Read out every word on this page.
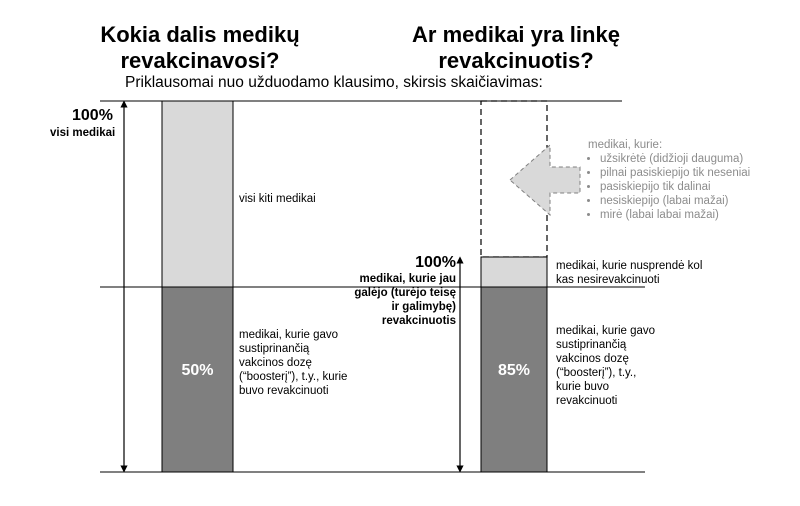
Kokia dalis medikų
revakcinavosi?
Ar medikai yra linkę
revakcinuotis?
Priklausomai nuo užduodamo klausimo, skirsis skaičiavimas:
100%
visi medikai
visi kiti medikai
50%
medikai, kurie gavo sustiprinančią vakcinos dozę (“boosterį”), t.y., kurie buvo revakcinuoti
100%
medikai, kurie jau galėjo (turėjo teisę ir galimybę) revakcinuotis
medikai, kurie nusprendė kol kas nesirevakcinuoti
85%
medikai, kurie gavo sustiprinančią vakcinos dozę (“boosterį”), t.y., kurie buvo revakcinuoti
medikai, kurie:
• užsikrėtė (didžioji dauguma)
• pilnai pasiskiepijo tik neseniai
• pasiskiepijo tik dalinai
• nesiskiepijo (labai mažai)
• mirė (labai labai mažai)
